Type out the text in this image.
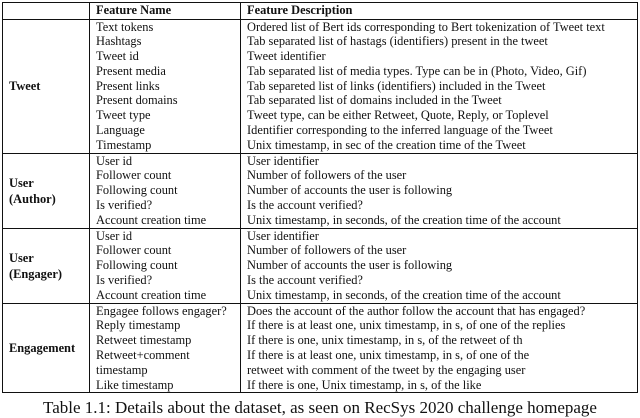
	Feature Name	Feature Description

Tweet	Text tokens	Ordered list of Bert ids corresponding to Bert tokenization of Tweet text
	Hashtags	Tab separated list of hastags (identifiers) present in the tweet
	Tweet id	Tweet identifier
	Present media	Tab separated list of media types. Type can be in (Photo, Video, Gif)
	Present links	Tab separeted list of links (identifiers) included in the Tweet
	Present domains	Tab separated list of domains included in the Tweet
	Tweet type	Tweet type, can be either Retweet, Quote, Reply, or Toplevel
	Language	Identifier corresponding to the inferred language of the Tweet
	Timestamp	Unix timestamp, in sec of the creation time of the Tweet

User
(Author)	User id	User identifier
	Follower count	Number of followers of the user
	Following count	Number of accounts the user is following
	Is verified?	Is the account verified?
	Account creation time	Unix timestamp, in seconds, of the creation time of the account

User
(Engager)	User id	User identifier
	Follower count	Number of followers of the user
	Following count	Number of accounts the user is following
	Is verified?	Is the account verified?
	Account creation time	Unix timestamp, in seconds, of the creation time of the account

Engagement	Engagee follows engager?	Does the account of the author follow the account that has engaged?
	Reply timestamp	If there is at least one, unix timestamp, in s, of one of the replies
	Retweet timestamp	If there is one, unix timestamp, in s, of the retweet of th
	Retweet+comment	If there is at least one, unix timestamp, in s, of one of the
	timestamp	retweet with comment of the tweet by the engaging user
	Like timestamp	If there is one, Unix timestamp, in s, of the like
Table 1.1: Details about the dataset, as seen on RecSys 2020 challenge homepage
